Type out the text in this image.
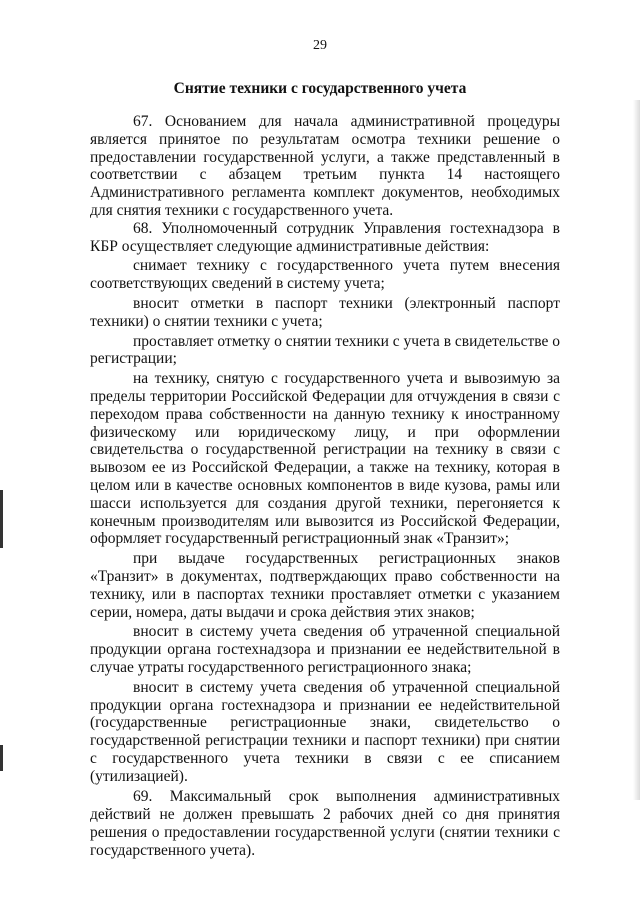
29
Снятие техники с государственного учета

67. Основанием для начала административной процедуры является принятое по результатам осмотра техники решение о предоставлении государственной услуги, а также представленный в соответствии с абзацем третьим пункта 14 настоящего Административного регламента комплект документов, необходимых для снятия техники с государственного учета.

68. Уполномоченный сотрудник Управления гостехнадзора в КБР осуществляет следующие административные действия:

снимает технику с государственного учета путем внесения соответствующих сведений в систему учета;

вносит отметки в паспорт техники (электронный паспорт техники) о снятии техники с учета;

проставляет отметку о снятии техники с учета в свидетельстве о регистрации;

на технику, снятую с государственного учета и вывозимую за пределы территории Российской Федерации для отчуждения в связи с переходом права собственности на данную технику к иностранному физическому или юридическому лицу, и при оформлении свидетельства о государственной регистрации на технику в связи с вывозом ее из Российской Федерации, а также на технику, которая в целом или в качестве основных компонентов в виде кузова, рамы или шасси используется для создания другой техники, перегоняется к конечным производителям или вывозится из Российской Федерации, оформляет государственный регистрационный знак «Транзит»;

при выдаче государственных регистрационных знаков «Транзит» в документах, подтверждающих право собственности на технику, или в паспортах техники проставляет отметки с указанием серии, номера, даты выдачи и срока действия этих знаков;

вносит в систему учета сведения об утраченной специальной продукции органа гостехнадзора и признании ее недействительной в случае утраты государственного регистрационного знака;

вносит в систему учета сведения об утраченной специальной продукции органа гостехнадзора и признании ее недействительной (государственные регистрационные знаки, свидетельство о государственной регистрации техники и паспорт техники) при снятии с государственного учета техники в связи с ее списанием (утилизацией).

69. Максимальный срок выполнения административных действий не должен превышать 2 рабочих дней со дня принятия решения о предоставлении государственной услуги (снятии техники с государственного учета).
